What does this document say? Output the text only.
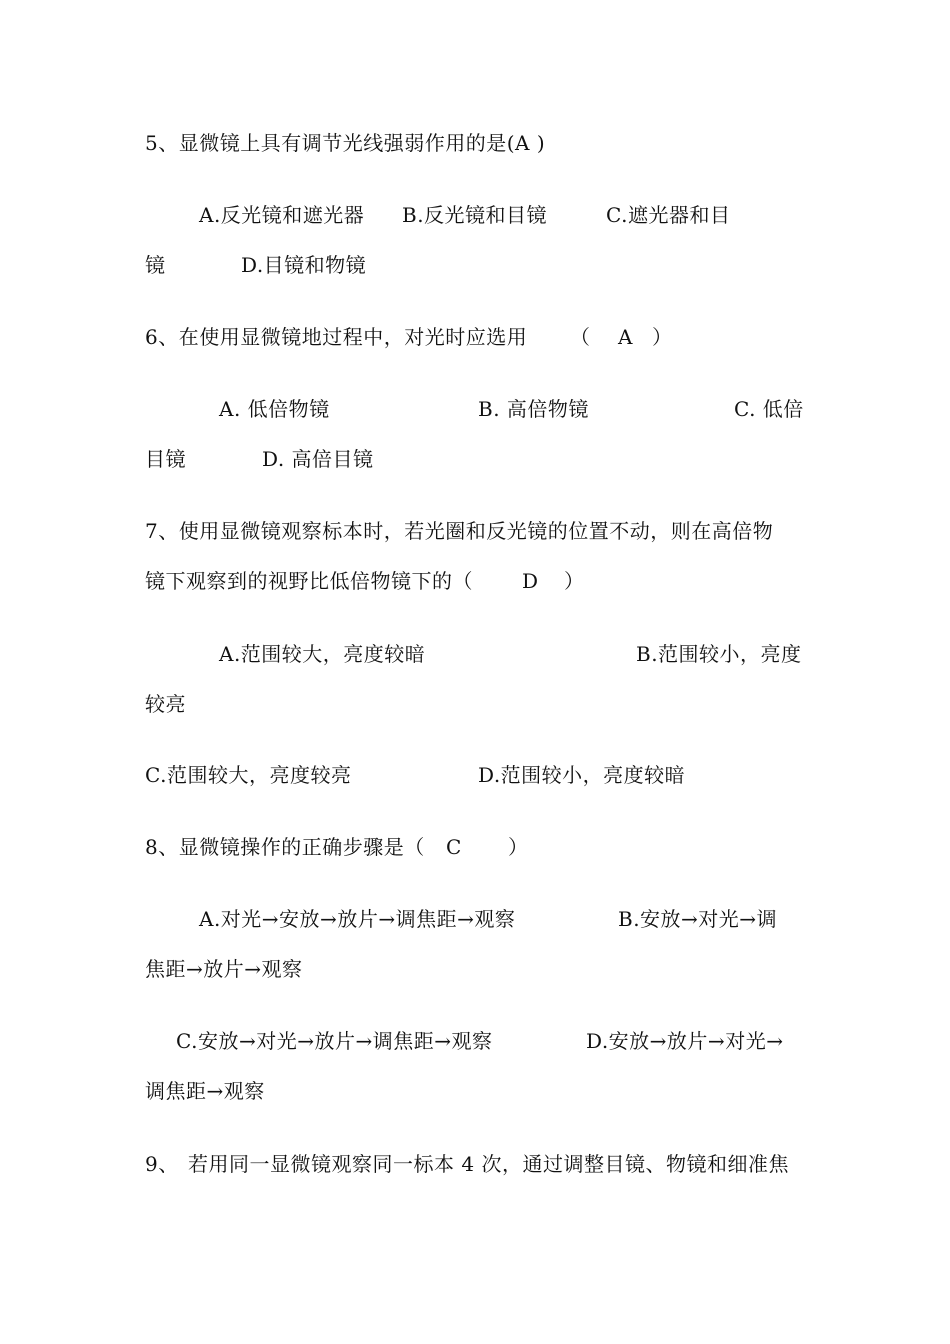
5、显微镜上具有调节光线强弱作用的是(A )
A.反光镜和遮光器 B.反光镜和目镜	C.遮光器和目
镜	D.目镜和物镜
6、在使用显微镜地过程中，对光时应选用 （ A ）
A. 低倍物镜	B. 高倍物镜	C. 低倍
目镜	D. 高倍目镜
7、使用显微镜观察标本时，若光圈和反光镜的位置不动，则在高倍物
镜下观察到的视野比低倍物镜下的（ D ）
A.范围较大，亮度较暗	B.范围较小，亮度
较亮
C.范围较大，亮度较亮	D.范围较小，亮度较暗
8、显微镜操作的正确步骤是（ C ）
A.对光→安放→放片→调焦距→观察	B.安放→对光→调
焦距→放片→观察
C.安放→对光→放片→调焦距→观察	D.安放→放片→对光→
调焦距→观察
9、 若用同一显微镜观察同一标本 4 次，通过调整目镜、物镜和细准焦
